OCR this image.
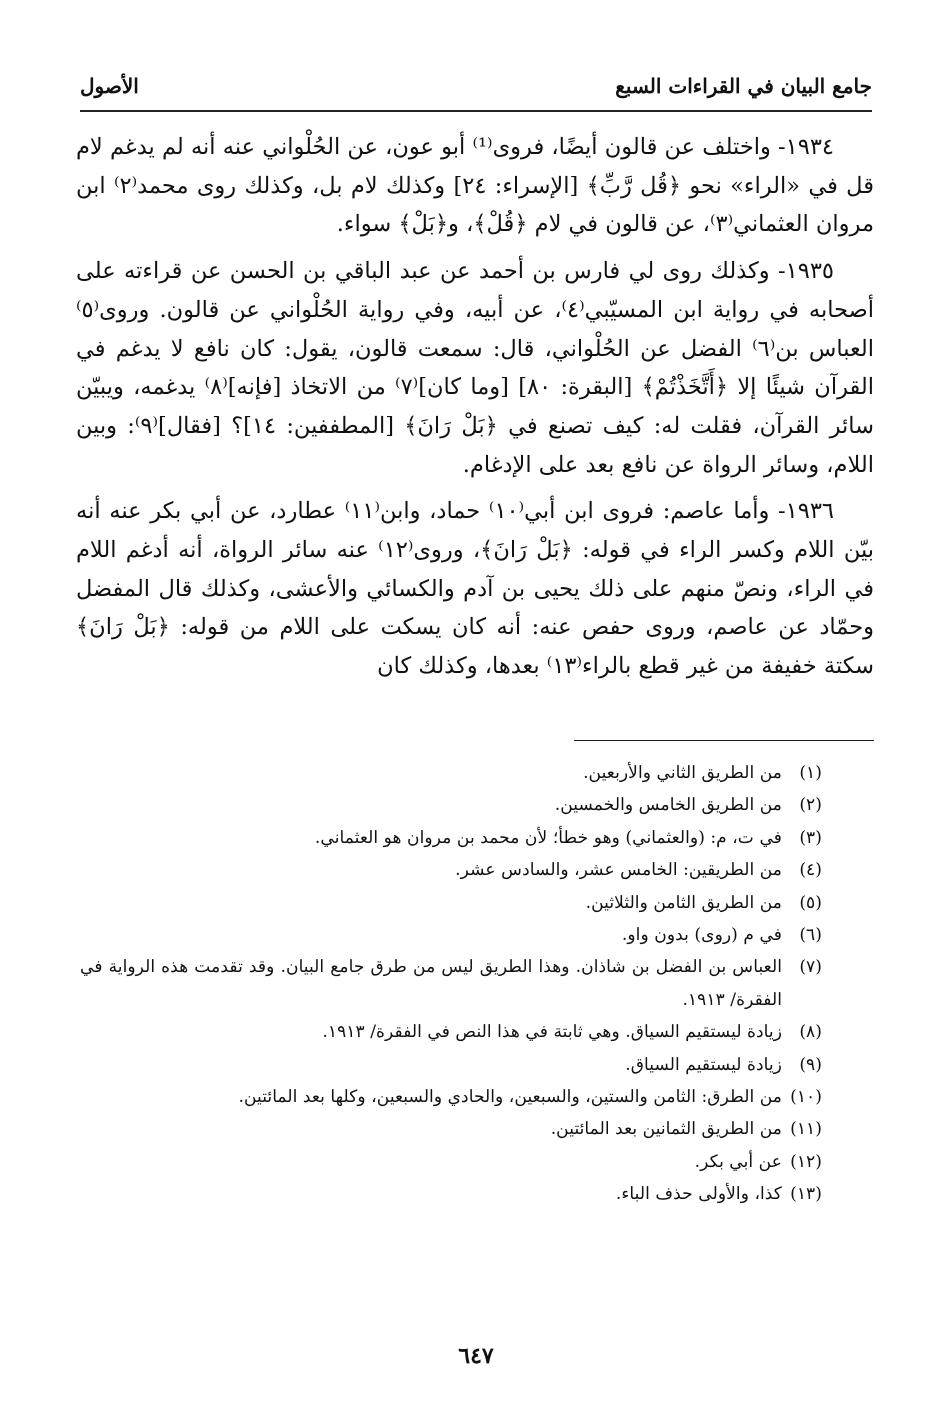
جامع البيان في القراءات السبع
الأصول

١٩٣٤- واختلف عن قالون أيضًا، فروى⁽¹⁾ أبو عون، عن الحُلْواني عنه أنه لم يدغم لام قل في «الراء» نحو ﴿قُل رَّبِّ﴾ [الإسراء: ٢٤] وكذلك لام بل، وكذلك روى محمد⁽٢⁾ ابن مروان العثماني⁽٣⁾، عن قالون في لام ﴿قُلْ﴾، و﴿بَلْ﴾ سواء.

١٩٣٥- وكذلك روى لي فارس بن أحمد عن عبد الباقي بن الحسن عن قراءته على أصحابه في رواية ابن المسيّبي⁽٤⁾، عن أبيه، وفي رواية الحُلْواني عن قالون. وروى⁽٥⁾ العباس بن⁽٦⁾ الفضل عن الحُلْواني، قال: سمعت قالون، يقول: كان نافع لا يدغم في القرآن شيئًا إلا ﴿أَتَّخَذْتُمْ﴾ [البقرة: ٨٠] [وما كان]⁽٧⁾ من الاتخاذ [فإنه]⁽٨⁾ يدغمه، ويبيّن سائر القرآن، فقلت له: كيف تصنع في ﴿بَلْ رَانَ﴾ [المطففين: ١٤]؟ [فقال]⁽٩⁾: وبين اللام، وسائر الرواة عن نافع بعد على الإدغام.

١٩٣٦- وأما عاصم: فروى ابن أبي⁽١٠⁾ حماد، وابن⁽١١⁾ عطارد، عن أبي بكر عنه أنه بيّن اللام وكسر الراء في قوله: ﴿بَلْ رَانَ﴾، وروى⁽١٢⁾ عنه سائر الرواة، أنه أدغم اللام في الراء، ونصّ منهم على ذلك يحيى بن آدم والكسائي والأعشى، وكذلك قال المفضل وحمّاد عن عاصم، وروى حفص عنه: أنه كان يسكت على اللام من قوله: ﴿بَلْ رَانَ﴾ سكتة خفيفة من غير قطع بالراء⁽١٣⁾ بعدها، وكذلك كان

(١)من الطريق الثاني والأربعين.
(٢)من الطريق الخامس والخمسين.
(٣)في ت، م: (والعثماني) وهو خطأ؛ لأن محمد بن مروان هو العثماني.
(٤)من الطريقين: الخامس عشر، والسادس عشر.
(٥)من الطريق الثامن والثلاثين.
(٦)في م (روى) بدون واو.
(٧)العباس بن الفضل بن شاذان. وهذا الطريق ليس من طرق جامع البيان. وقد تقدمت هذه الرواية في الفقرة/ ١٩١٣.
(٨)زيادة ليستقيم السياق. وهي ثابتة في هذا النص في الفقرة/ ١٩١٣.
(٩)زيادة ليستقيم السياق.
(١٠)من الطرق: الثامن والستين، والسبعين، والحادي والسبعين، وكلها بعد المائتين.
(١١)من الطريق الثمانين بعد المائتين.
(١٢)عن أبي بكر.
(١٣)كذا، والأولى حذف الباء.
٦٤٧
